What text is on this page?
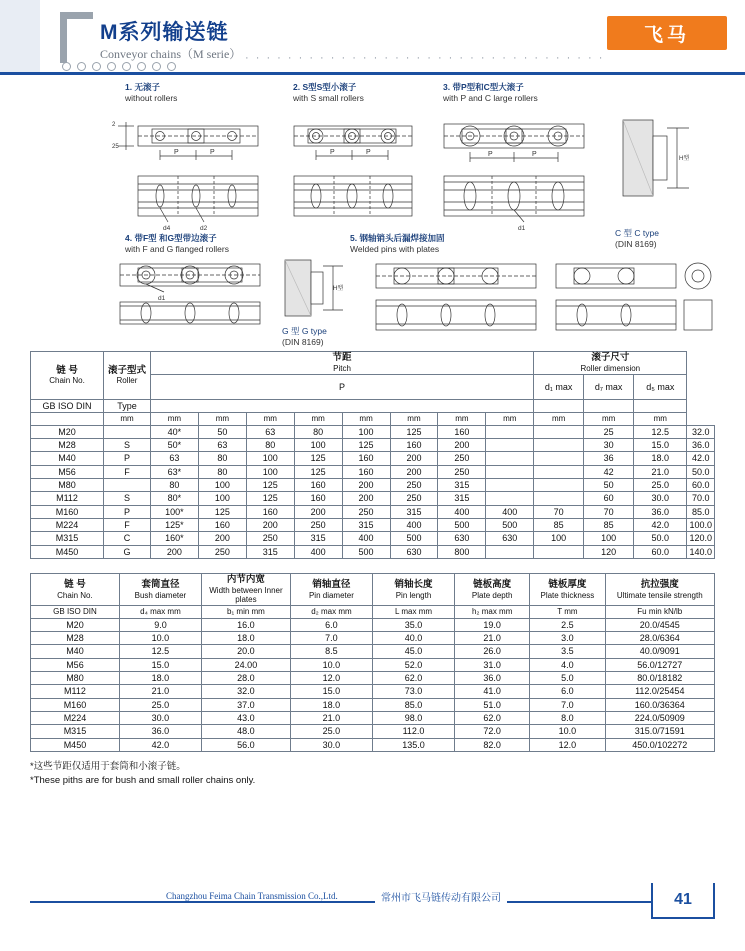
M系列输送链
Conveyor chains（M serie） · · · · · · · · · · · · · · · · · · · · · · · · · · · · · · · · · ·
飞马
1. 无滚子
without rollers
2. S型S型小滚子
with S small rollers
3. 带P型和C型大滚子
with P and C large rollers
2
25
P	P
d4	d2
P	P	P	P
d1
H型
C 型 C type
(DIN 8169)
4. 带F型 和G型带边滚子
with F and G flanged rollers
5. 钢轴销头后漏焊接加固
Welded pins with plates
d1
H型
G 型 G type
(DIN 8169)
链 号
Chain No.	滚子型式
Roller	节距
Pitch								滚子尺寸
Roller dimension			

		P								d₁ max	d₇ max	d₅ max	
GB ISO DIN	Type												
	mm	mm	mm	mm	mm	mm	mm	mm	mm	mm	mm	mm	
M20		40*	50	63	80	100	125	160			25	12.5	32.0
M28	S	50*	63	80	100	125	160	200			30	15.0	36.0
M40	P	63	80	100	125	160	200	250			36	18.0	42.0
M56	F	63*	80	100	125	160	200	250			42	21.0	50.0
M80		80	100	125	160	200	250	315			50	25.0	60.0
M112	S	80*	100	125	160	200	250	315			60	30.0	70.0
M160	P	100*	125	160	200	250	315	400	400	70	70	36.0	85.0
M224	F	125*	160	200	250	315	400	500	500	85	85	42.0	100.0
M315	C	160*	200	250	315	400	500	630	630	100	100	50.0	120.0
M450	G	200	250	315	400	500	630	800			120	60.0	140.0
链 号
Chain No.	套筒直径
Bush diameter	内节内宽
Width between Inner plates	销轴直径
Pin diameter	销轴长度
Pin length	链板高度
Plate depth	链板厚度
Plate thickness	抗拉强度
Ultimate tensile strength

GB ISO DIN	d₄ max mm	b₁ min mm	d₂ max mm	L max mm	h₂ max mm	T mm	Fu min kN/lb
M20	9.0	16.0	6.0	35.0	19.0	2.5	20.0/4545
M28	10.0	18.0	7.0	40.0	21.0	3.0	28.0/6364
M40	12.5	20.0	8.5	45.0	26.0	3.5	40.0/9091
M56	15.0	24.00	10.0	52.0	31.0	4.0	56.0/12727
M80	18.0	28.0	12.0	62.0	36.0	5.0	80.0/18182
M112	21.0	32.0	15.0	73.0	41.0	6.0	112.0/25454
M160	25.0	37.0	18.0	85.0	51.0	7.0	160.0/36364
M224	30.0	43.0	21.0	98.0	62.0	8.0	224.0/50909
M315	36.0	48.0	25.0	112.0	72.0	10.0	315.0/71591
M450	42.0	56.0	30.0	135.0	82.0	12.0	450.0/102272
*这些节距仅适用于套筒和小滚子链。
*These piths are for bush and small roller chains only.
Changzhou Feima Chain Transmission Co.,Ltd.	常州市飞马链传动有限公司	41
